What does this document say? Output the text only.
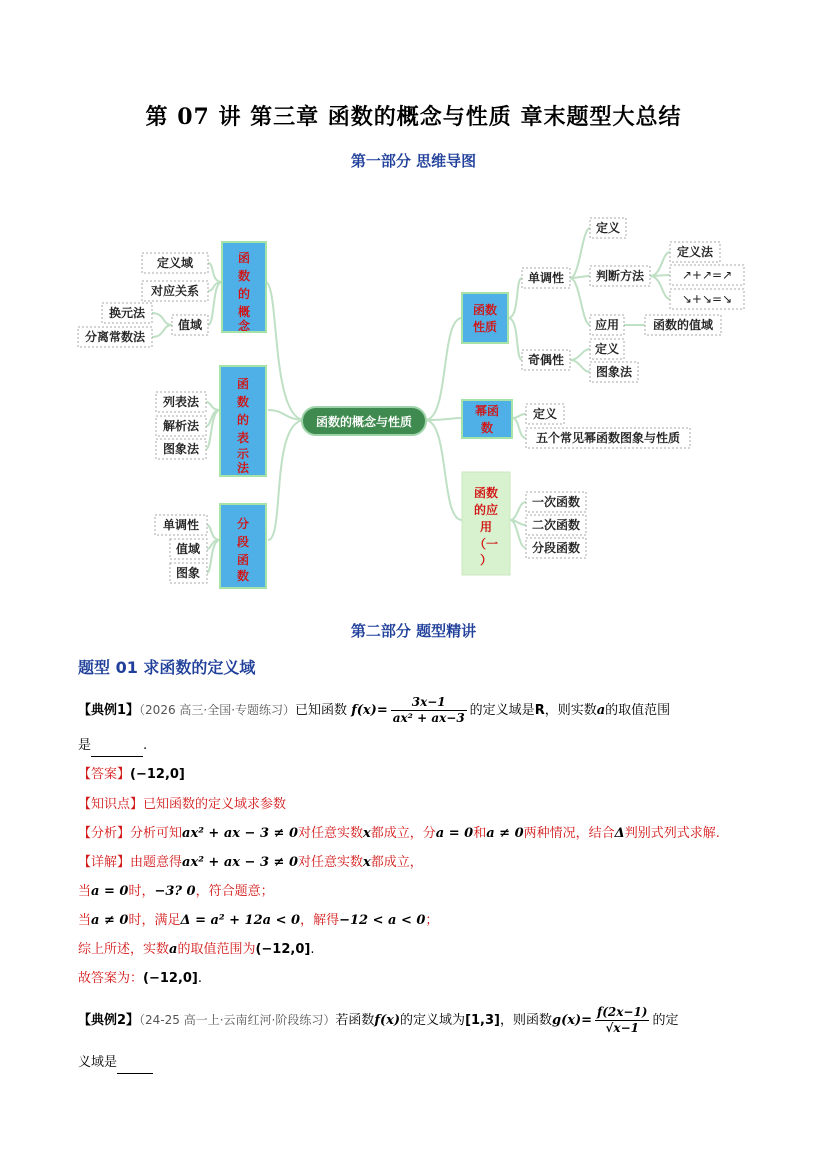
第 07 讲 第三章 函数的概念与性质 章末题型大总结
第一部分 思维导图
函数的概念与性质
函
数
的
概
念
函
数
的
表
示
法
分
段
函
数
定义域
对应关系
值域
换元法
分离常数法
列表法
解析法
图象法
单调性
值域
图象
函数
性质
幂函
数
函数
的应
用
（一
）
单调性
奇偶性
定义
判断方法
应用	函数的值域
定义法
↗+↗=↗
↘+↘=↘
定义
图象法
定义
五个常见幂函数图象与性质
一次函数
二次函数
分段函数
第二部分 题型精讲
题型 01 求函数的定义域
【典例1】（2026 高三·全国·专题练习）已知函数 $f(x)= \frac{3x-1}{\text{ax² + ax−3}}$ 的定义域是R，则实数a的取值范围
是	.
【答案】(−12,0]
【知识点】已知函数的定义域求参数
【分析】分析可知ax² + ax − 3 ≠ 0对任意实数x都成立，分a = 0和a ≠ 0两种情况，结合Δ判别式列式求解.
【详解】由题意得ax² + ax − 3 ≠ 0对任意实数x都成立，
当a = 0时，−3? 0，符合题意；
当a ≠ 0时，满足Δ = a² + 12a < 0，解得−12 < a < 0；
综上所述，实数a的取值范围为(−12,0].
故答案为：(−12,0].
【典例2】（24-25 高一上·云南红河·阶段练习）若函数f(x)的定义域为[1,3]，则函数$g(x)= \frac{f(2x-1)}{√x-1}$ 的定
义域是
